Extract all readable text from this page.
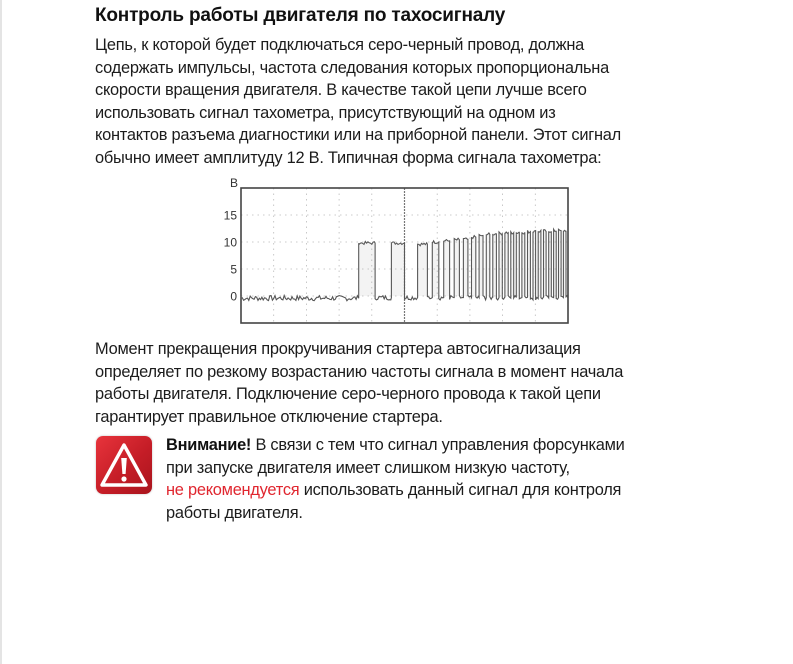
Контроль работы двигателя по тахосигналу

Цепь, к которой будет подключаться серо-черный провод, должна
содержать импульсы, частота следования которых пропорциональна
скорости вращения двигателя. В качестве такой цепи лучше всего
использовать сигнал тахометра, присутствующий на одном из
контактов разъема диагностики или на приборной панели. Этот сигнал
обычно имеет амплитуду 12 В. Типичная форма сигнала тахометра:

Момент прекращения прокручивания стартера автосигнализация
определяет по резкому возрастанию частоты сигнала в момент начала
работы двигателя. Подключение серо-черного провода к такой цепи
гарантирует правильное отключение стартера.

Внимание! В связи с тем что сигнал управления форсунками
при запуске двигателя имеет слишком низкую частоту,
не рекомендуется использовать данный сигнал для контроля
работы двигателя.
0
5
10
15
В
